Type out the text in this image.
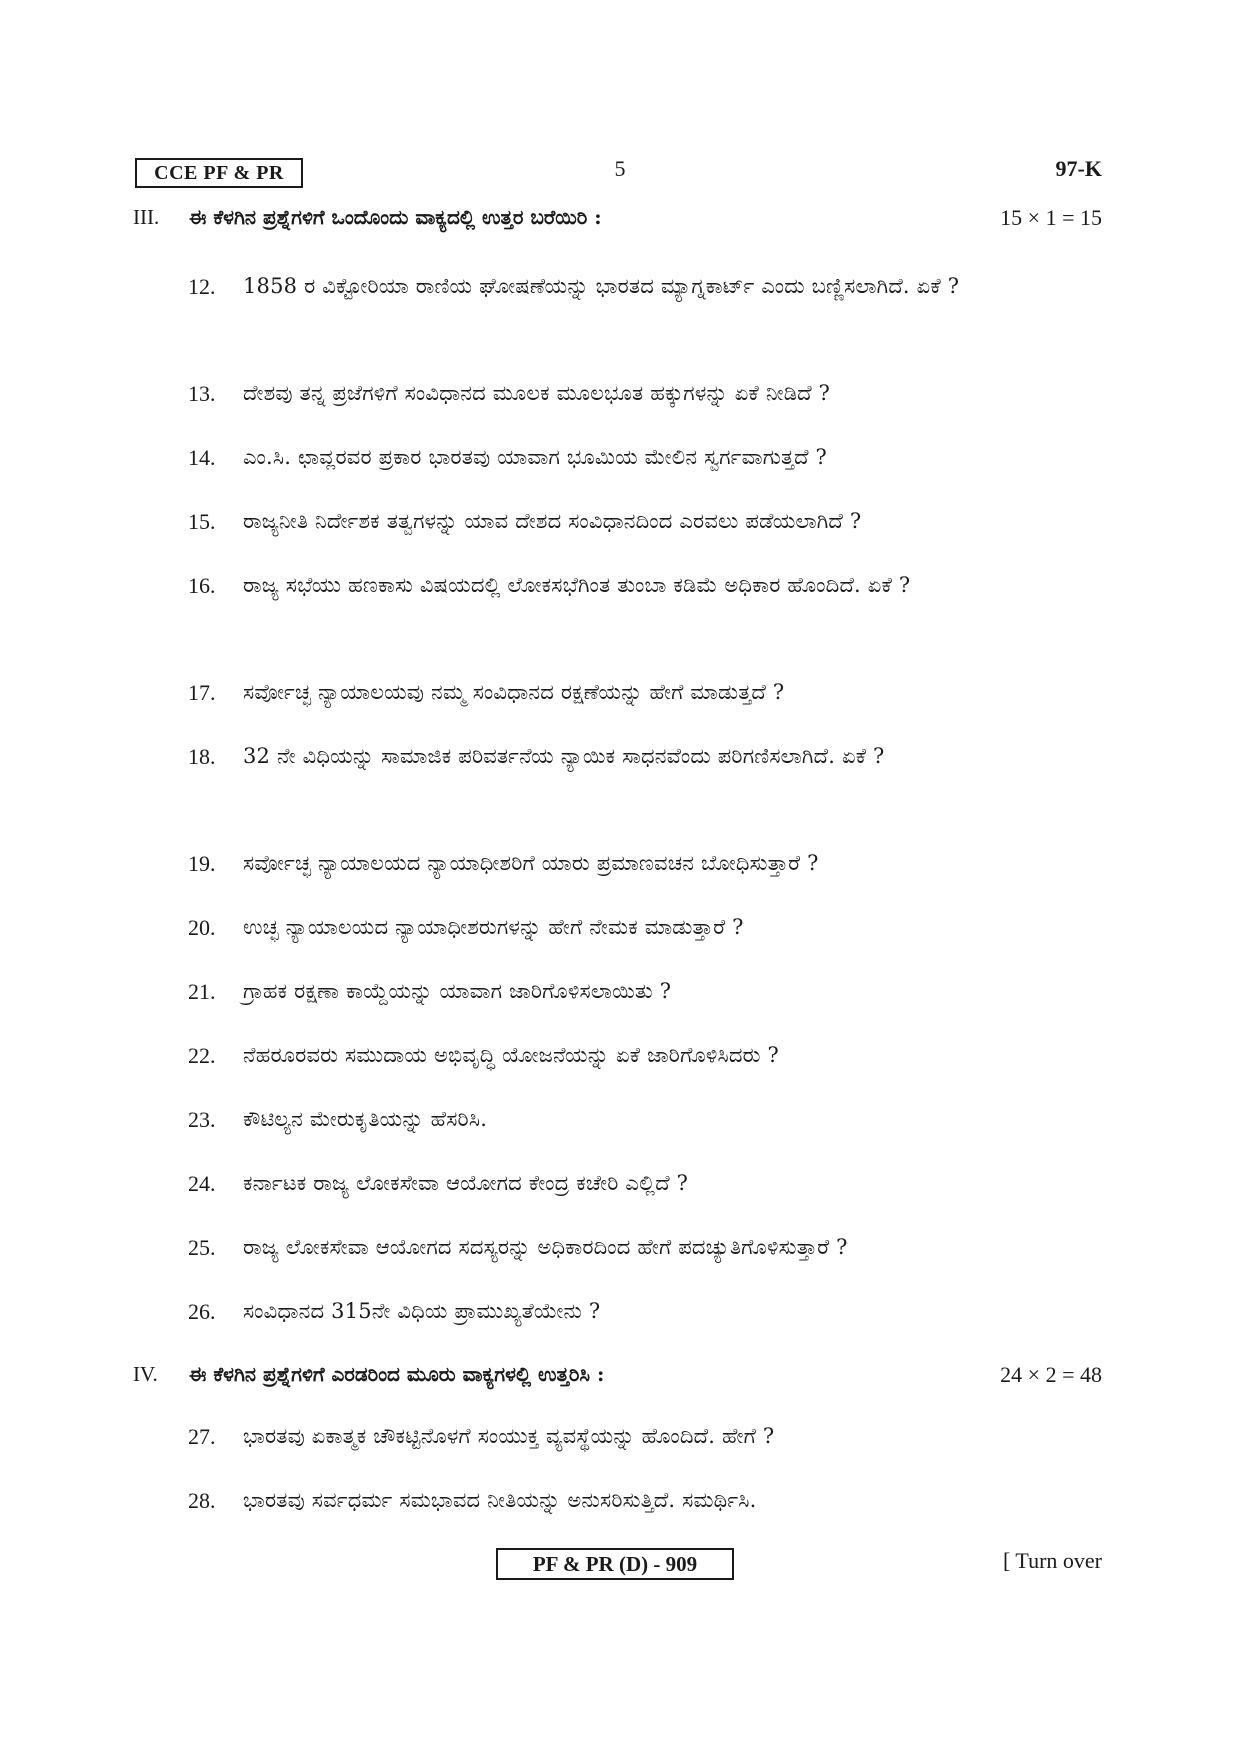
CCE PF & PR	5	97-K
III.	ಈ ಕೆಳಗಿನ ಪ್ರಶ್ನೆಗಳಿಗೆ ಒಂದೊಂದು ವಾಕ್ಯದಲ್ಲಿ ಉತ್ತರ ಬರೆಯಿರಿ :	15 × 1 = 15
12.	1858 ರ ವಿಕ್ಟೋರಿಯಾ ರಾಣಿಯ ಘೋಷಣೆಯನ್ನು ಭಾರತದ ಮ್ಯಾಗ್ನಕಾರ್ಟ್ ಎಂದು ಬಣ್ಣಿಸಲಾಗಿದೆ. ಏಕೆ ?
13.	ದೇಶವು ತನ್ನ ಪ್ರಜೆಗಳಿಗೆ ಸಂವಿಧಾನದ ಮೂಲಕ ಮೂಲಭೂತ ಹಕ್ಕುಗಳನ್ನು ಏಕೆ ನೀಡಿದೆ ?
14.	ಎಂ.ಸಿ. ಛಾವ್ಲರವರ ಪ್ರಕಾರ ಭಾರತವು ಯಾವಾಗ ಭೂಮಿಯ ಮೇಲಿನ ಸ್ವರ್ಗವಾಗುತ್ತದೆ ?
15.	ರಾಜ್ಯನೀತಿ ನಿರ್ದೇಶಕ ತತ್ವಗಳನ್ನು ಯಾವ ದೇಶದ ಸಂವಿಧಾನದಿಂದ ಎರವಲು ಪಡೆಯಲಾಗಿದೆ ?
16.	ರಾಜ್ಯ ಸಭೆಯು ಹಣಕಾಸು ವಿಷಯದಲ್ಲಿ ಲೋಕಸಭೆಗಿಂತ ತುಂಬಾ ಕಡಿಮೆ ಅಧಿಕಾರ ಹೊಂದಿದೆ. ಏಕೆ ?
17.	ಸರ್ವೋಚ್ಛ ನ್ಯಾಯಾಲಯವು ನಮ್ಮ ಸಂವಿಧಾನದ ರಕ್ಷಣೆಯನ್ನು ಹೇಗೆ ಮಾಡುತ್ತದೆ ?
18.	32 ನೇ ವಿಧಿಯನ್ನು ಸಾಮಾಜಿಕ ಪರಿವರ್ತನೆಯ ನ್ಯಾಯಿಕ ಸಾಧನವೆಂದು ಪರಿಗಣಿಸಲಾಗಿದೆ. ಏಕೆ ?
19.	ಸರ್ವೋಚ್ಛ ನ್ಯಾಯಾಲಯದ ನ್ಯಾಯಾಧೀಶರಿಗೆ ಯಾರು ಪ್ರಮಾಣವಚನ ಬೋಧಿಸುತ್ತಾರೆ ?
20.	ಉಚ್ಛ ನ್ಯಾಯಾಲಯದ ನ್ಯಾಯಾಧೀಶರುಗಳನ್ನು ಹೇಗೆ ನೇಮಕ ಮಾಡುತ್ತಾರೆ ?
21.	ಗ್ರಾಹಕ ರಕ್ಷಣಾ ಕಾಯ್ದೆಯನ್ನು ಯಾವಾಗ ಜಾರಿಗೊಳಿಸಲಾಯಿತು ?
22.	ನೆಹರೂರವರು ಸಮುದಾಯ ಅಭಿವೃದ್ಧಿ ಯೋಜನೆಯನ್ನು ಏಕೆ ಜಾರಿಗೊಳಿಸಿದರು ?
23.	ಕೌಟಿಲ್ಯನ ಮೇರುಕೃತಿಯನ್ನು ಹೆಸರಿಸಿ.
24.	ಕರ್ನಾಟಕ ರಾಜ್ಯ ಲೋಕಸೇವಾ ಆಯೋಗದ ಕೇಂದ್ರ ಕಚೇರಿ ಎಲ್ಲಿದೆ ?
25.	ರಾಜ್ಯ ಲೋಕಸೇವಾ ಆಯೋಗದ ಸದಸ್ಯರನ್ನು ಅಧಿಕಾರದಿಂದ ಹೇಗೆ ಪದಚ್ಯುತಿಗೊಳಿಸುತ್ತಾರೆ ?
26.	ಸಂವಿಧಾನದ 315ನೇ ವಿಧಿಯ ಪ್ರಾಮುಖ್ಯತೆಯೇನು ?
IV.	ಈ ಕೆಳಗಿನ ಪ್ರಶ್ನೆಗಳಿಗೆ ಎರಡರಿಂದ ಮೂರು ವಾಕ್ಯಗಳಲ್ಲಿ ಉತ್ತರಿಸಿ :	24 × 2 = 48
27.	ಭಾರತವು ಏಕಾತ್ಮಕ ಚೌಕಟ್ಟಿನೊಳಗೆ ಸಂಯುಕ್ತ ವ್ಯವಸ್ಥೆಯನ್ನು ಹೊಂದಿದೆ. ಹೇಗೆ ?
28.	ಭಾರತವು ಸರ್ವಧರ್ಮ ಸಮಭಾವದ ನೀತಿಯನ್ನು ಅನುಸರಿಸುತ್ತಿದೆ. ಸಮರ್ಥಿಸಿ.
PF & PR (D) - 909	[ Turn over
